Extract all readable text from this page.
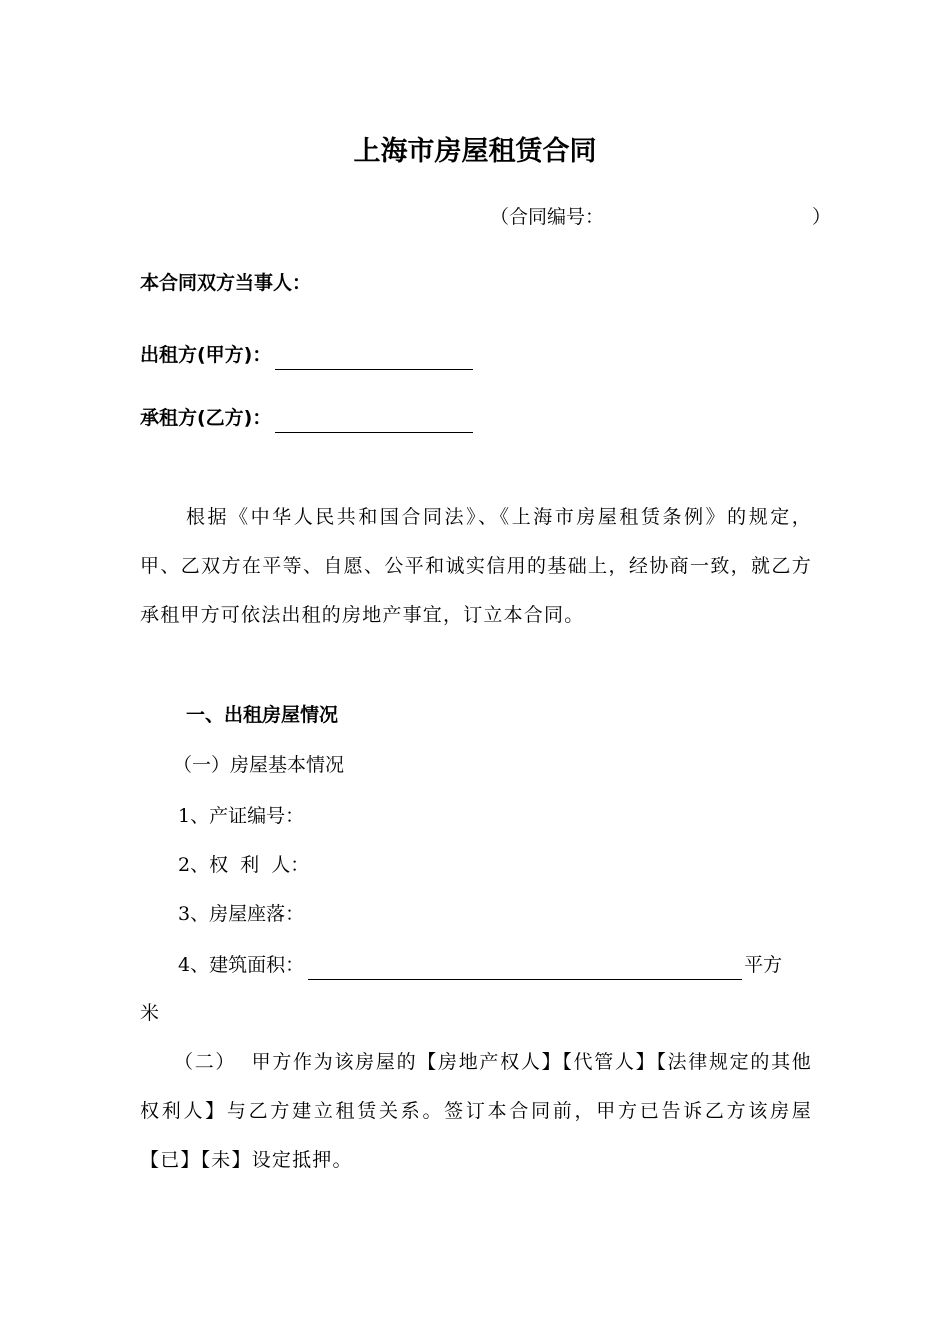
上海市房屋租赁合同
（合同编号：	）
本合同双方当事人：
出租方(甲方)：
承租方(乙方)：
根据《中华人民共和国合同法》、《上海市房屋租赁条例》的规定，甲、乙双方在平等、自愿、公平和诚实信用的基础上，经协商一致，就乙方承租甲方可依法出租的房地产事宜，订立本合同。
一、出租房屋情况
（一）房屋基本情况
1、产证编号：
2、权  利  人：
3、房屋座落：
4、建筑面积：	平方
米
（二）  甲方作为该房屋的【房地产权人】【代管人】【法律规定的其他权利人】与乙方建立租赁关系。签订本合同前，甲方已告诉乙方该房屋【已】【未】设定抵押。
